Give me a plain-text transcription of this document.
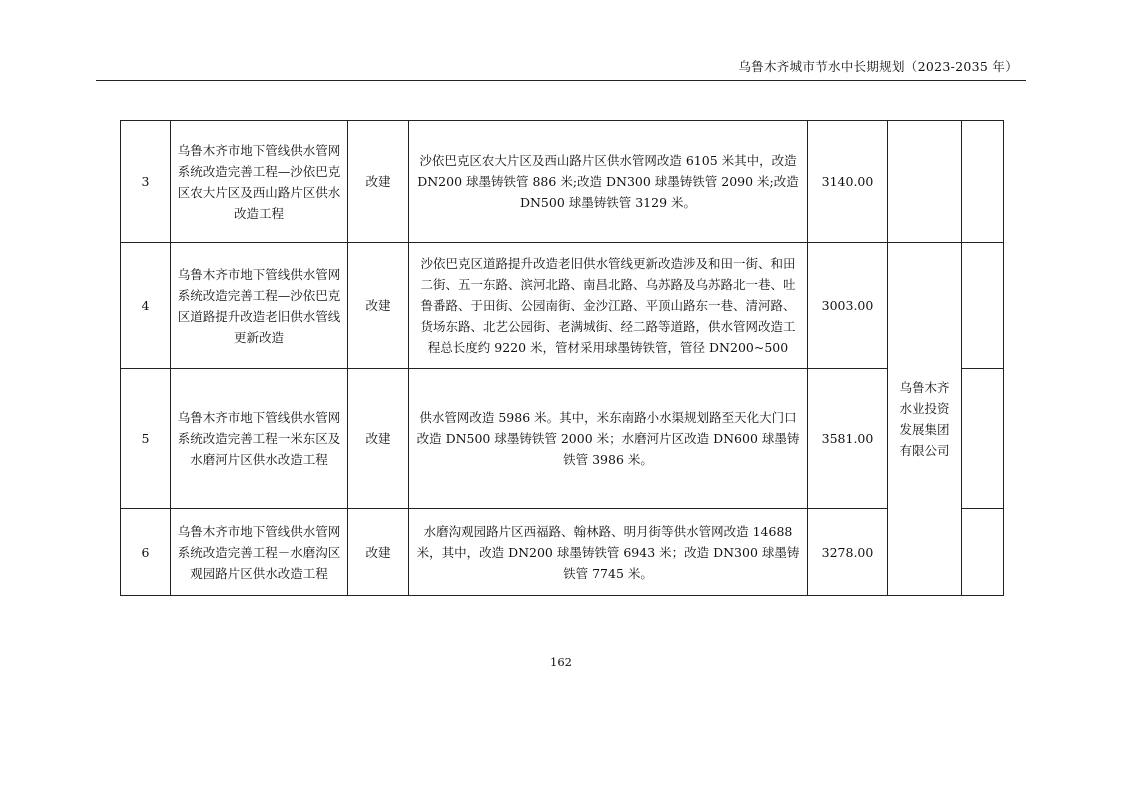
乌鲁木齐城市节水中长期规划（2023-2035 年）
3	乌鲁木齐市地下管线供水管网系统改造完善工程—沙依巴克区农大片区及西山路片区供水改造工程	改建	沙依巴克区农大片区及西山路片区供水管网改造 6105 米其中，改造 DN200 球墨铸铁管 886 米;改造 DN300 球墨铸铁管 2090 米;改造 DN500 球墨铸铁管 3129 米。	3140.00		
4	乌鲁木齐市地下管线供水管网系统改造完善工程—沙依巴克区道路提升改造老旧供水管线更新改造	改建	沙依巴克区道路提升改造老旧供水管线更新改造涉及和田一街、和田二街、五一东路、滨河北路、南昌北路、乌苏路及乌苏路北一巷、吐鲁番路、于田街、公园南街、金沙江路、平顶山路东一巷、清河路、货场东路、北艺公园街、老满城街、经二路等道路，供水管网改造工程总长度约 9220 米，管材采用球墨铸铁管，管径 DN200~500	3003.00	乌鲁木齐水业投资发展集团有限公司	
5	乌鲁木齐市地下管线供水管网系统改造完善工程一米东区及水磨河片区供水改造工程	改建	供水管网改造 5986 米。其中，米东南路小水渠规划路至天化大门口改造 DN500 球墨铸铁管 2000 米；水磨河片区改造 DN600 球墨铸铁管 3986 米。	3581.00		
6	乌鲁木齐市地下管线供水管网系统改造完善工程－水磨沟区观园路片区供水改造工程	改建	水磨沟观园路片区西福路、翰林路、明月街等供水管网改造 14688 米，其中，改造 DN200 球墨铸铁管 6943 米；改造 DN300 球墨铸铁管 7745 米。	3278.00		
162
